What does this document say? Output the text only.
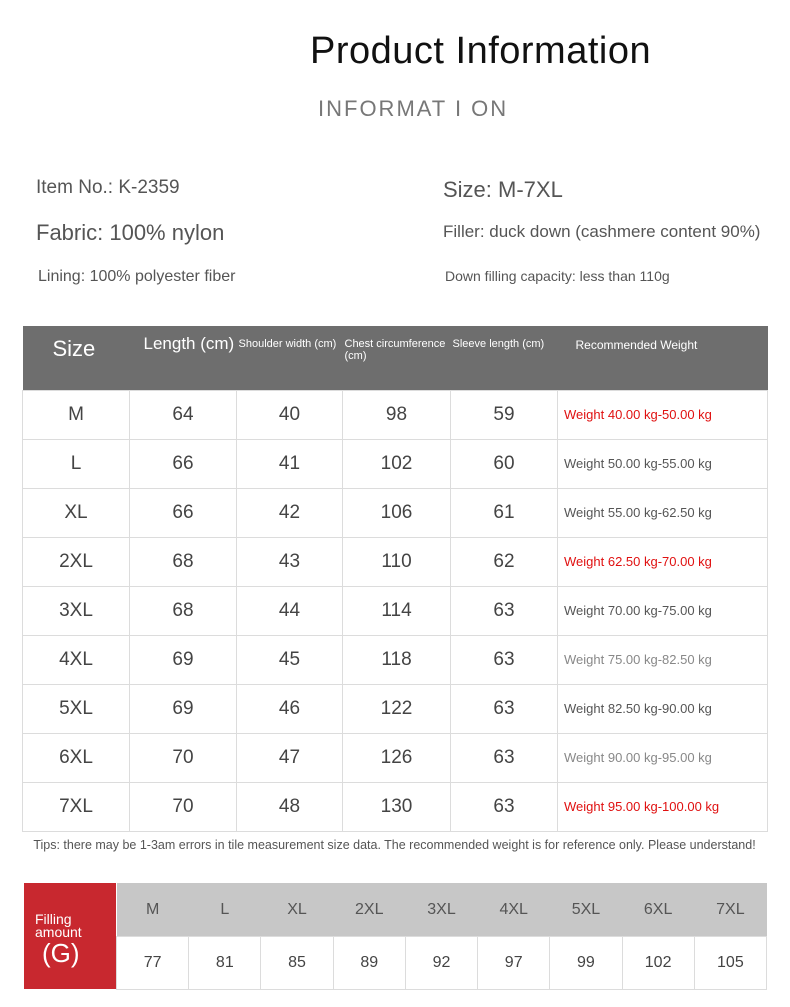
Product Information
INFORMAT I ON
Item No.: K-2359	Size: M-7XL
Fabric: 100% nylon	Filler: duck down (cashmere content 90%)
Lining: 100% polyester fiber	Down filling capacity: less than 110g
Size	Length (cm)	Shoulder width (cm)	Chest circumference (cm)	Sleeve length (cm)	Recommended Weight
M	64	40	98	59	Weight 40.00 kg-50.00 kg
L	66	41	102	60	Weight 50.00 kg-55.00 kg
XL	66	42	106	61	Weight 55.00 kg-62.50 kg
2XL	68	43	110	62	Weight 62.50 kg-70.00 kg
3XL	68	44	114	63	Weight 70.00 kg-75.00 kg
4XL	69	45	118	63	Weight 75.00 kg-82.50 kg
5XL	69	46	122	63	Weight 82.50 kg-90.00 kg
6XL	70	47	126	63	Weight 90.00 kg-95.00 kg
7XL	70	48	130	63	Weight 95.00 kg-100.00 kg
Tips: there may be 1-3am errors in tile measurement size data. The recommended weight is for reference only. Please understand!
Filling amount
(G)
M	L	XL	2XL	3XL	4XL	5XL	6XL	7XL
77	81	85	89	92	97	99	102	105
